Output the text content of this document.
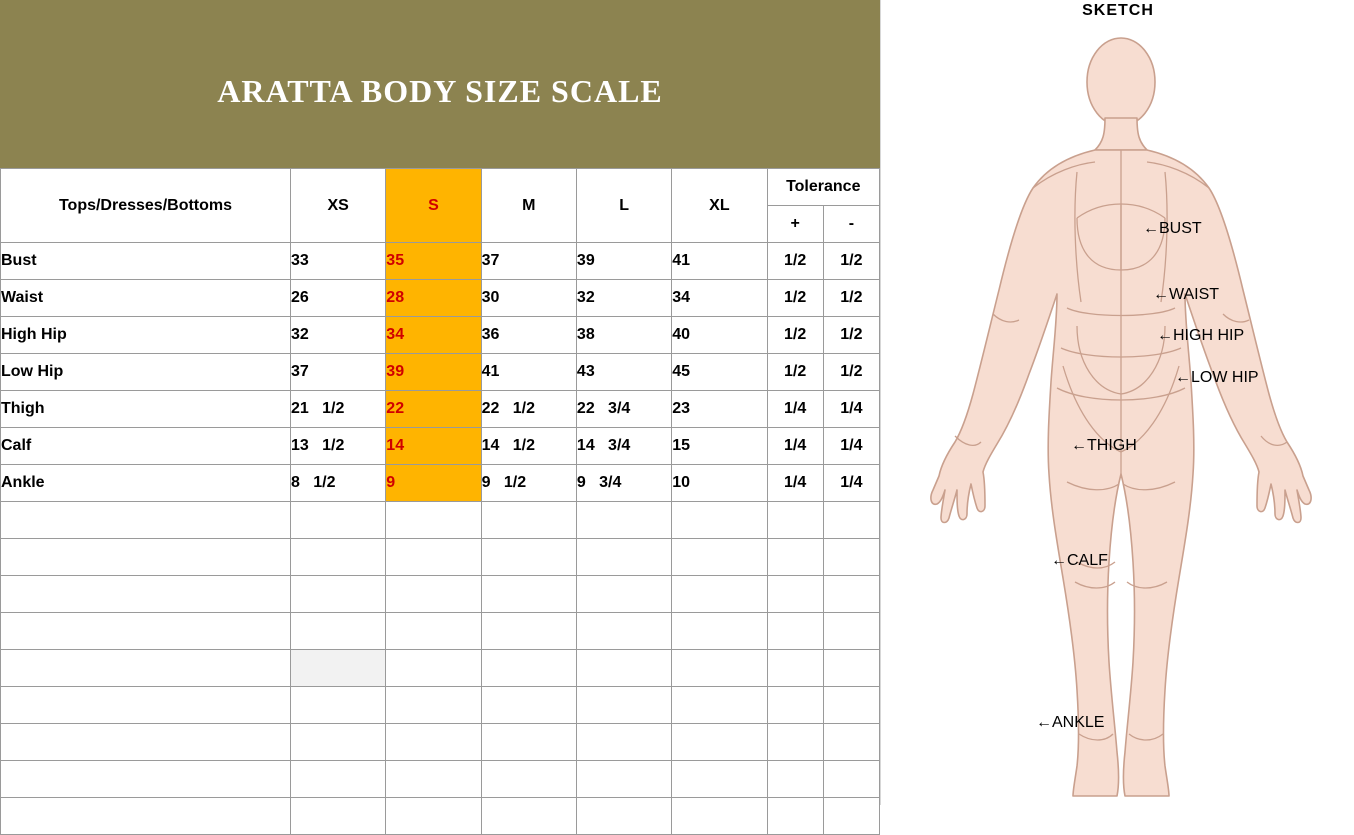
ARATTA BODY SIZE SCALE
Tops/Dresses/Bottoms	XS	S	M	L	XL	Tolerance	
						+	-
Bust	33	35	37	39	41	1/2	1/2
Waist	26	28	30	32	34	1/2	1/2
High Hip	32	34	36	38	40	1/2	1/2
Low Hip	37	39	41	43	45	1/2	1/2
Thigh	21   1/2	22	22   1/2	22   3/4	23	1/4	1/4
Calf	13   1/2	14	14   1/2	14   3/4	15	1/4	1/4
Ankle	8   1/2	9	9   1/2	9   3/4	10	1/4	1/4

SKETCH
←BUST
←WAIST
←HIGH HIP
←LOW HIP
←THIGH
←CALF
←ANKLE
